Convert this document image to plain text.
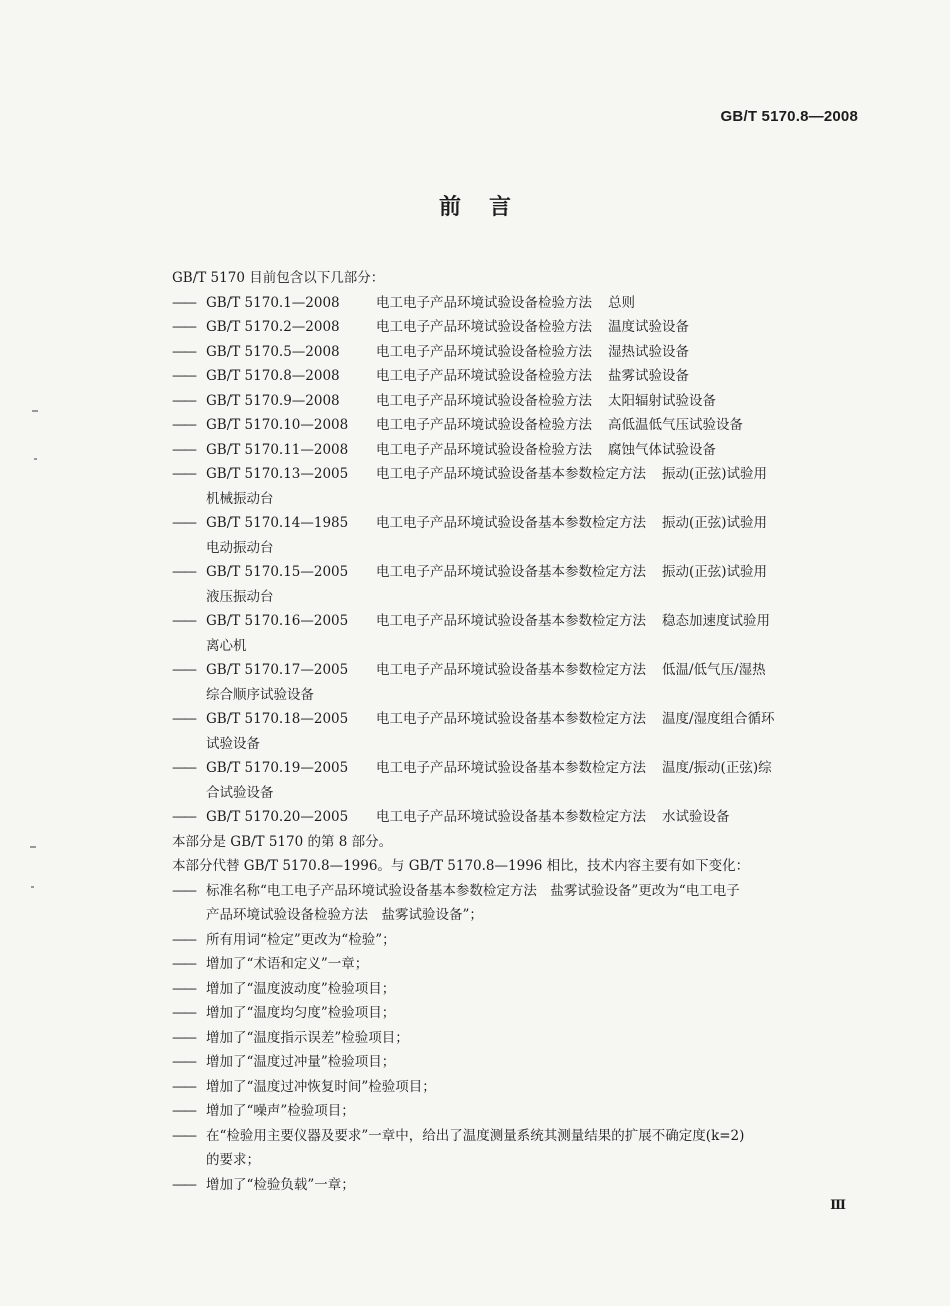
GB/T 5170.8—2008
前言
GB/T 5170 目前包含以下几部分：
—— GB/T 5170.1—2008	电工电子产品环境试验设备检验方法 总则
—— GB/T 5170.2—2008	电工电子产品环境试验设备检验方法 温度试验设备
—— GB/T 5170.5—2008	电工电子产品环境试验设备检验方法 湿热试验设备
—— GB/T 5170.8—2008	电工电子产品环境试验设备检验方法 盐雾试验设备
—— GB/T 5170.9—2008	电工电子产品环境试验设备检验方法 太阳辐射试验设备
—— GB/T 5170.10—2008	电工电子产品环境试验设备检验方法 高低温低气压试验设备
—— GB/T 5170.11—2008	电工电子产品环境试验设备检验方法 腐蚀气体试验设备
—— GB/T 5170.13—2005	电工电子产品环境试验设备基本参数检定方法 振动(正弦)试验用
机械振动台
—— GB/T 5170.14—1985	电工电子产品环境试验设备基本参数检定方法 振动(正弦)试验用
电动振动台
—— GB/T 5170.15—2005	电工电子产品环境试验设备基本参数检定方法 振动(正弦)试验用
液压振动台
—— GB/T 5170.16—2005	电工电子产品环境试验设备基本参数检定方法 稳态加速度试验用
离心机
—— GB/T 5170.17—2005	电工电子产品环境试验设备基本参数检定方法 低温/低气压/湿热
综合顺序试验设备
—— GB/T 5170.18—2005	电工电子产品环境试验设备基本参数检定方法 温度/湿度组合循环
试验设备
—— GB/T 5170.19—2005	电工电子产品环境试验设备基本参数检定方法 温度/振动(正弦)综
合试验设备
—— GB/T 5170.20—2005	电工电子产品环境试验设备基本参数检定方法 水试验设备
本部分是 GB/T 5170 的第 8 部分。
本部分代替 GB/T 5170.8—1996。与 GB/T 5170.8—1996 相比，技术内容主要有如下变化：
—— 标准名称“电工电子产品环境试验设备基本参数检定方法　盐雾试验设备”更改为“电工电子
产品环境试验设备检验方法　盐雾试验设备”；
—— 所有用词“检定”更改为“检验”；
—— 增加了“术语和定义”一章；
—— 增加了“温度波动度”检验项目；
—— 增加了“温度均匀度”检验项目；
—— 增加了“温度指示误差”检验项目；
—— 增加了“温度过冲量”检验项目；
—— 增加了“温度过冲恢复时间”检验项目；
—— 增加了“噪声”检验项目；
—— 在“检验用主要仪器及要求”一章中，给出了温度测量系统其测量结果的扩展不确定度(k=2)
的要求；
—— 增加了“检验负载”一章；
Ⅲ
